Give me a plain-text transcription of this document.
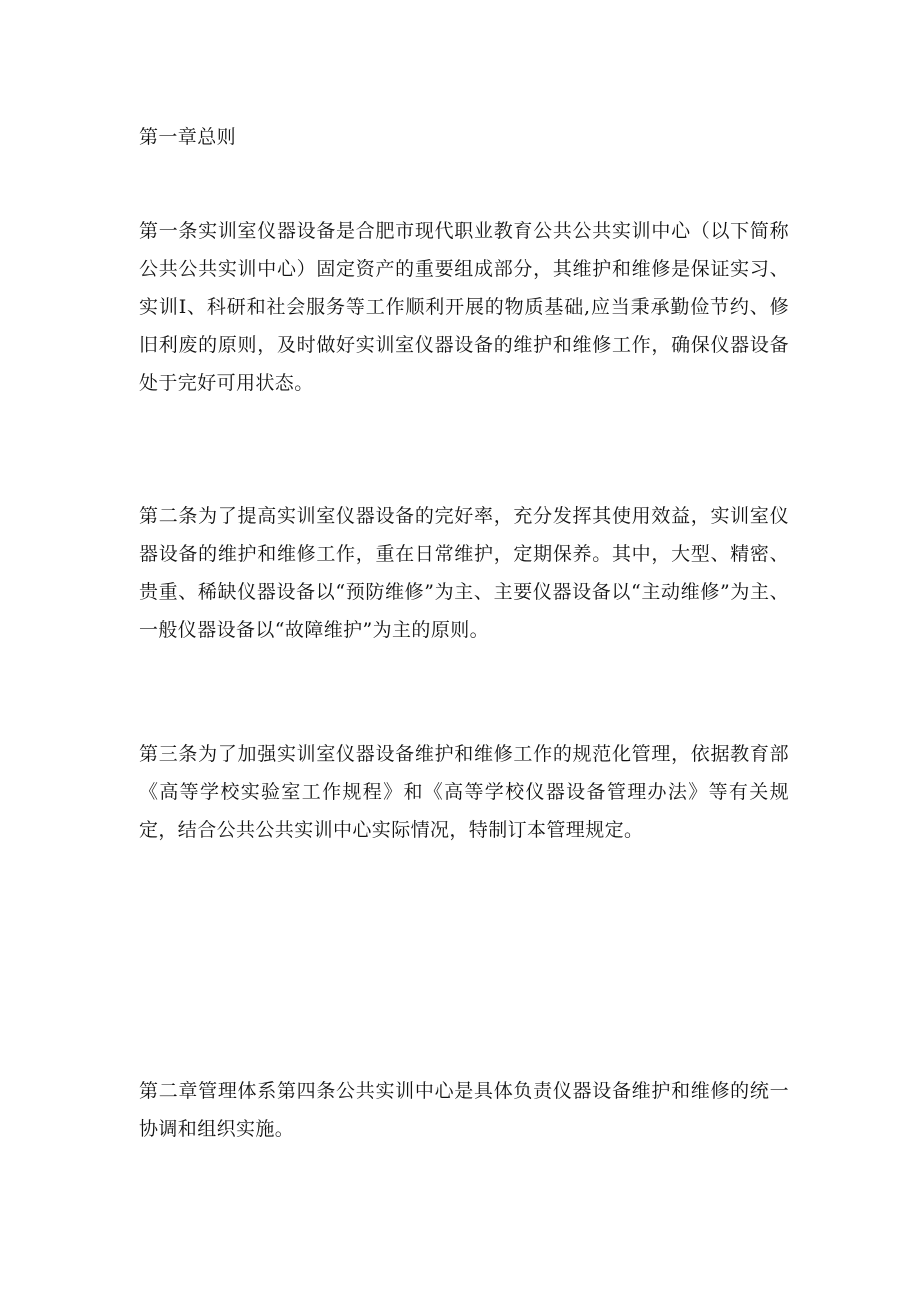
第一章总则

第一条实训室仪器设备是合肥市现代职业教育公共公共实训中心（以下简称公共公共实训中心）固定资产的重要组成部分，其维护和维修是保证实习、实训I、科研和社会服务等工作顺利开展的物质基础,应当秉承勤俭节约、修旧利废的原则，及时做好实训室仪器设备的维护和维修工作，确保仪器设备处于完好可用状态。

第二条为了提高实训室仪器设备的完好率，充分发挥其使用效益，实训室仪器设备的维护和维修工作，重在日常维护，定期保养。其中，大型、精密、贵重、稀缺仪器设备以“预防维修”为主、主要仪器设备以“主动维修”为主、一般仪器设备以“故障维护”为主的原则。

第三条为了加强实训室仪器设备维护和维修工作的规范化管理，依据教育部《高等学校实验室工作规程》和《高等学校仪器设备管理办法》等有关规定，结合公共公共实训中心实际情况，特制订本管理规定。

第二章管理体系第四条公共实训中心是具体负责仪器设备维护和维修的统一协调和组织实施。
